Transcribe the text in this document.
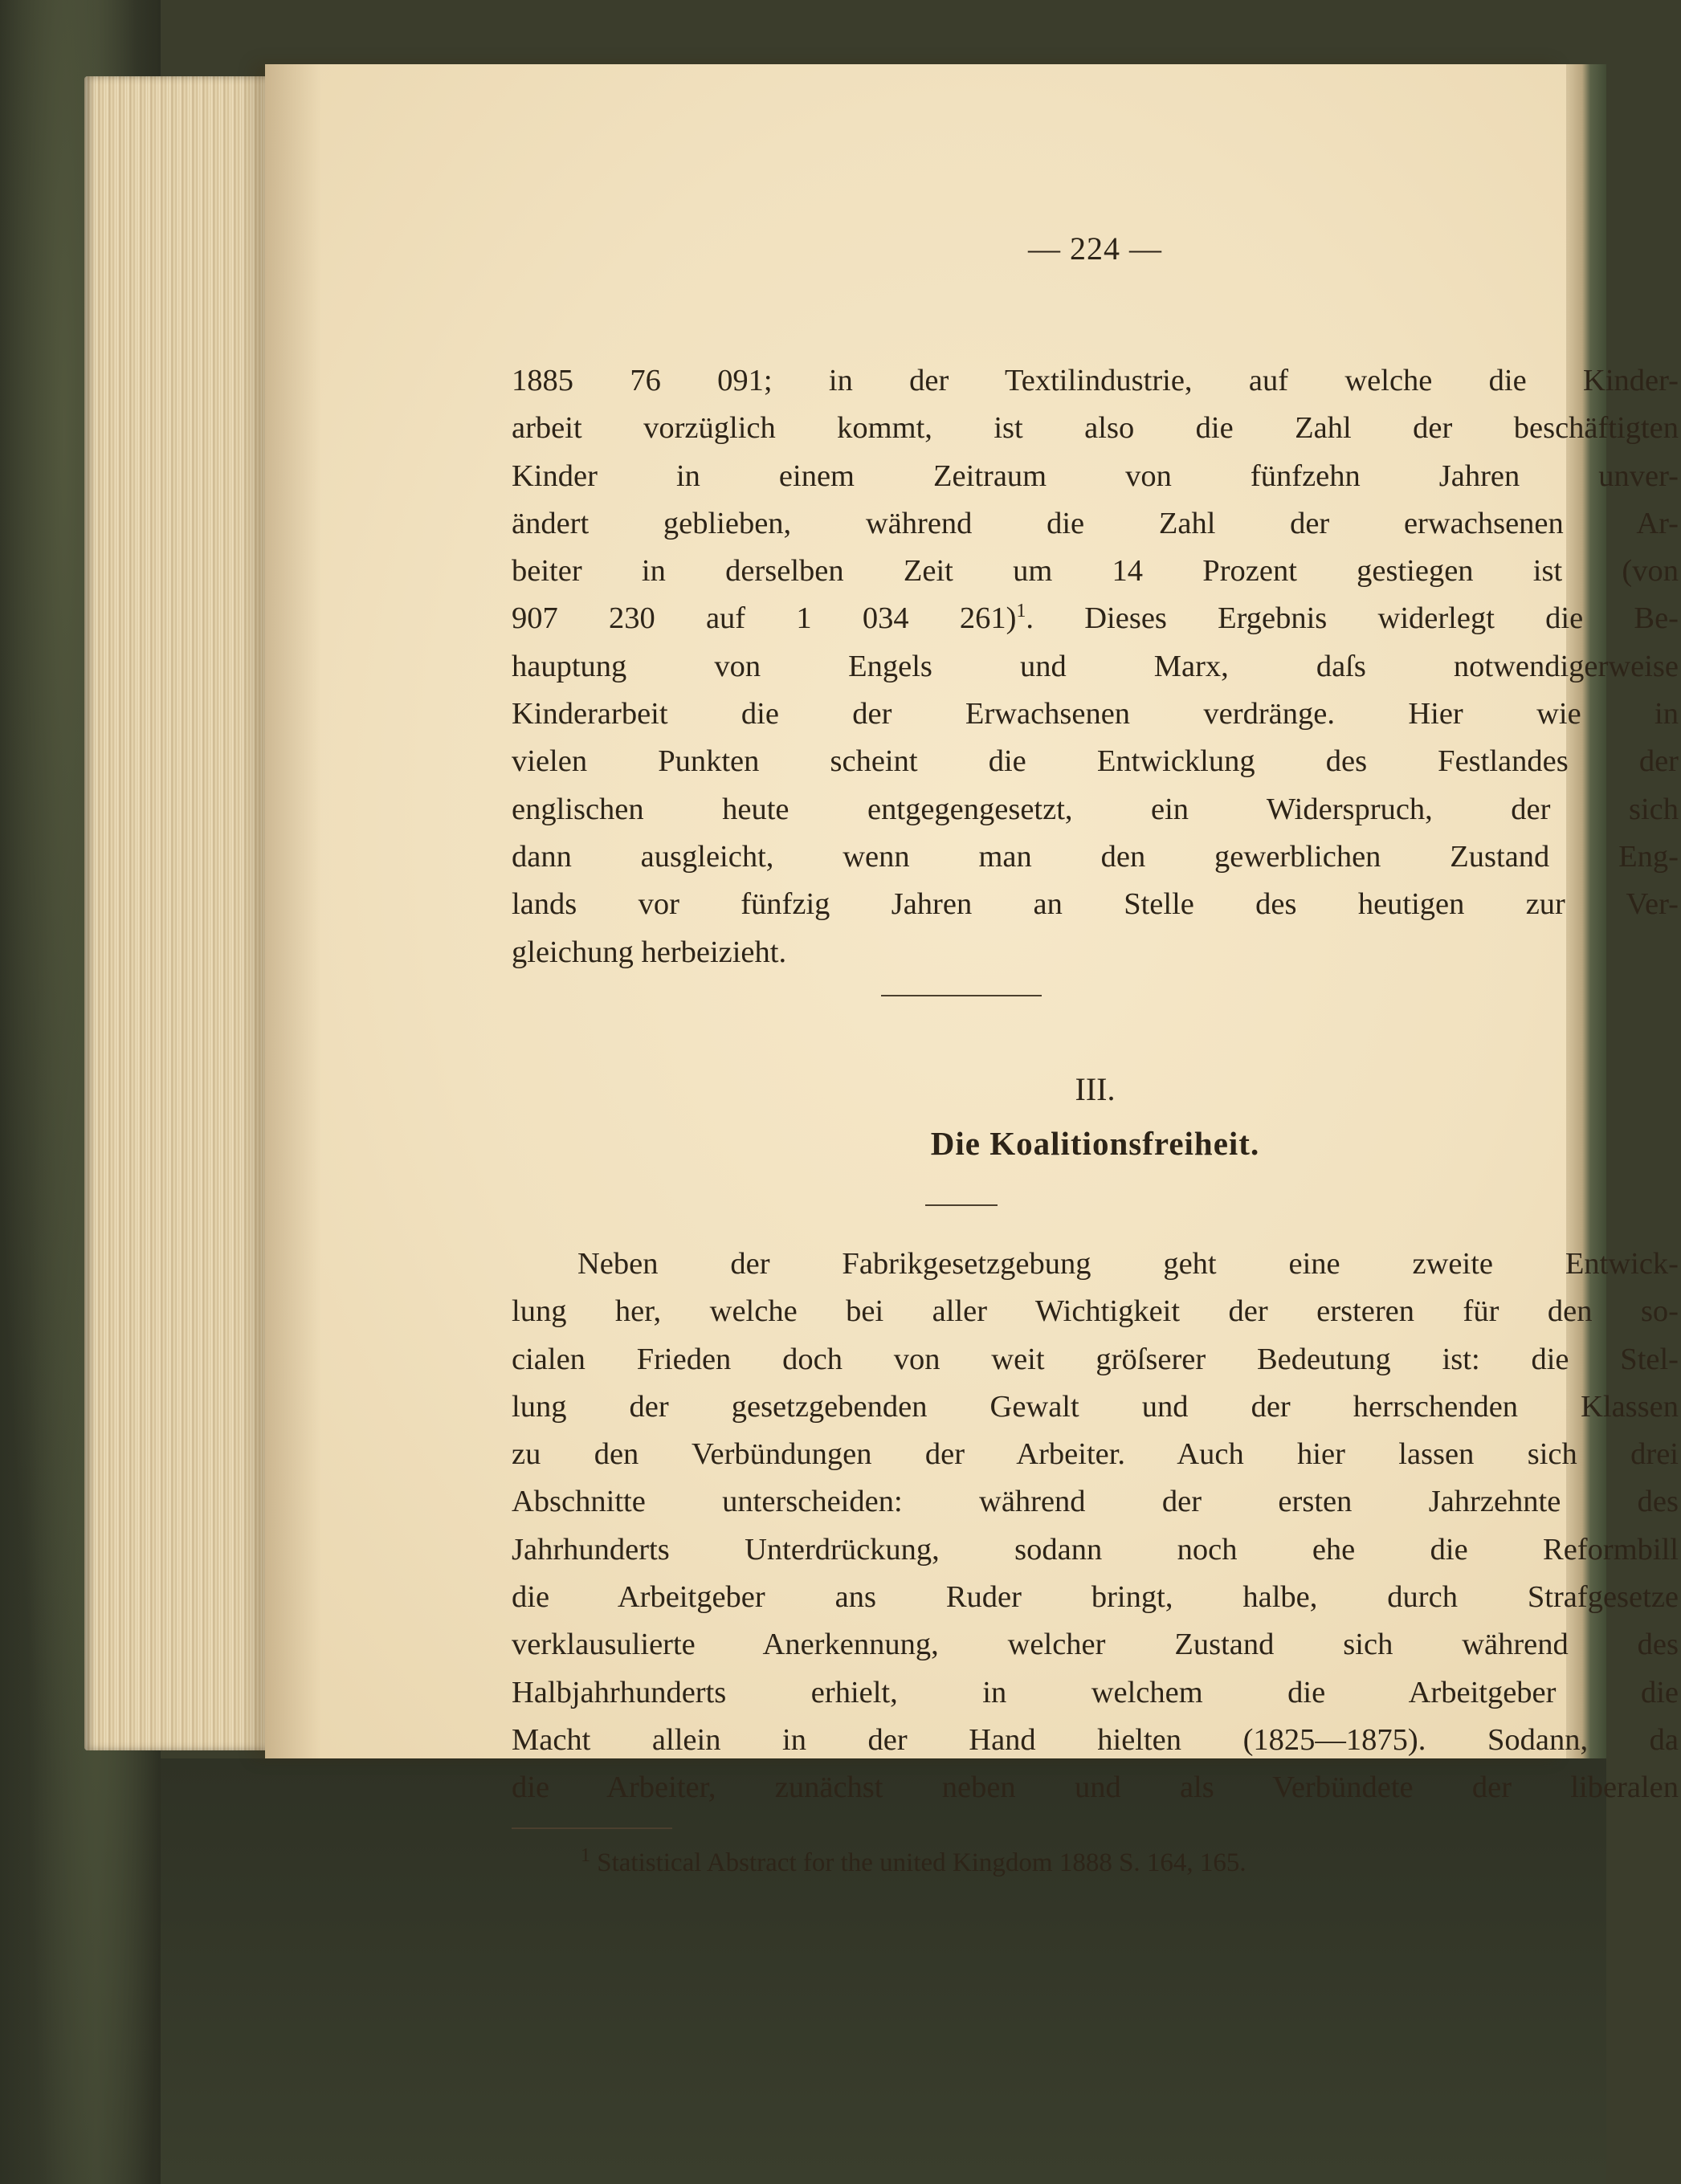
— 224 —
1885 76 091; in der Textilindustrie, auf welche die Kinder-
arbeit vorzüglich kommt, ist also die Zahl der beschäftigten
Kinder in einem Zeitraum von fünfzehn Jahren unver-
ändert geblieben, während die Zahl der erwachsenen Ar-
beiter in derselben Zeit um 14 Prozent gestiegen ist (von
907 230 auf 1 034 261)$^1$. Dieses Ergebnis widerlegt die Be-
hauptung von Engels und Marx, daſs notwendigerweise
Kinderarbeit die der Erwachsenen verdränge. Hier wie in
vielen Punkten scheint die Entwicklung des Festlandes der
englischen heute entgegengesetzt, ein Widerspruch, der sich
dann ausgleicht, wenn man den gewerblichen Zustand Eng-
lands vor fünfzig Jahren an Stelle des heutigen zur Ver-
gleichung herbeizieht.
III.
Die Koalitionsfreiheit.
Neben der Fabrikgesetzgebung geht eine zweite Entwick-
lung her, welche bei aller Wichtigkeit der ersteren für den so-
cialen Frieden doch von weit gröſserer Bedeutung ist: die Stel-
lung der gesetzgebenden Gewalt und der herrschenden Klassen
zu den Verbündungen der Arbeiter. Auch hier lassen sich drei
Abschnitte unterscheiden: während der ersten Jahrzehnte des
Jahrhunderts Unterdrückung, sodann noch ehe die Reformbill
die Arbeitgeber ans Ruder bringt, halbe, durch Strafgesetze
verklausulierte Anerkennung, welcher Zustand sich während des
Halbjahrhunderts erhielt, in welchem die Arbeitgeber die
Macht allein in der Hand hielten (1825—1875). Sodann, da
die Arbeiter, zunächst neben und als Verbündete der liberalen
$^1$ Statistical Abstract for the united Kingdom 1888 S. 164, 165.
